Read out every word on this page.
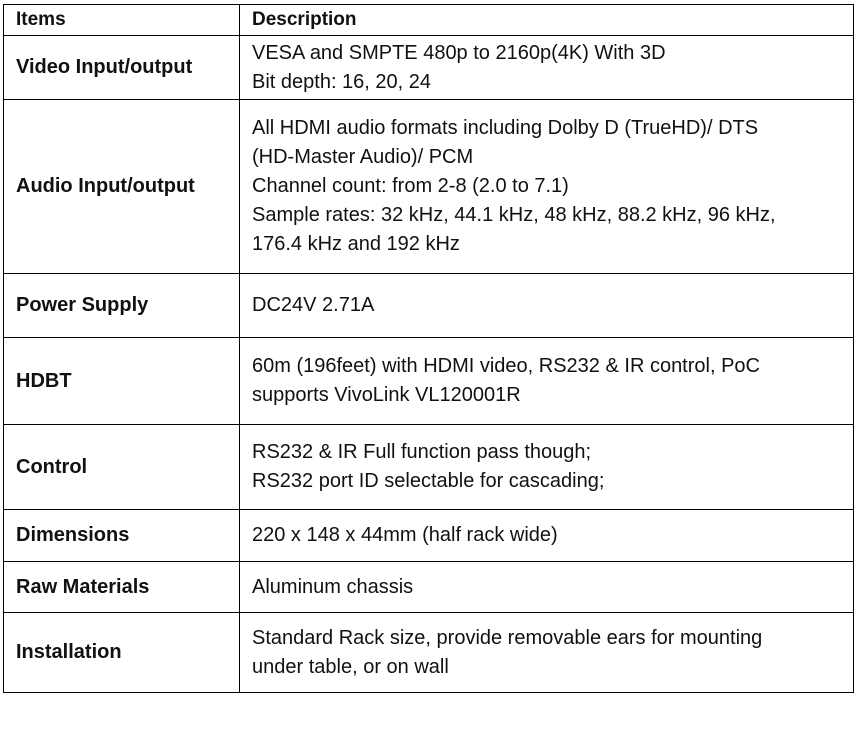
Items	Description
Video Input/output	VESA and SMPTE 480p to 2160p(4K) With 3D
Bit depth: 16, 20, 24

Audio Input/output	All HDMI audio formats including Dolby D (TrueHD)/ DTS
(HD-Master Audio)/ PCM
Channel count: from 2-8 (2.0 to 7.1)
Sample rates: 32 kHz, 44.1 kHz, 48 kHz, 88.2 kHz, 96 kHz,
176.4 kHz and 192 kHz

Power Supply	DC24V 2.71A

HDBT	60m (196feet) with HDMI video, RS232 & IR control, PoC
supports VivoLink VL120001R

Control	RS232 & IR Full function pass though;
RS232 port ID selectable for cascading;

Dimensions	220 x 148 x 44mm (half rack wide)

Raw Materials	Aluminum chassis

Installation	Standard Rack size, provide removable ears for mounting
under table, or on wall
